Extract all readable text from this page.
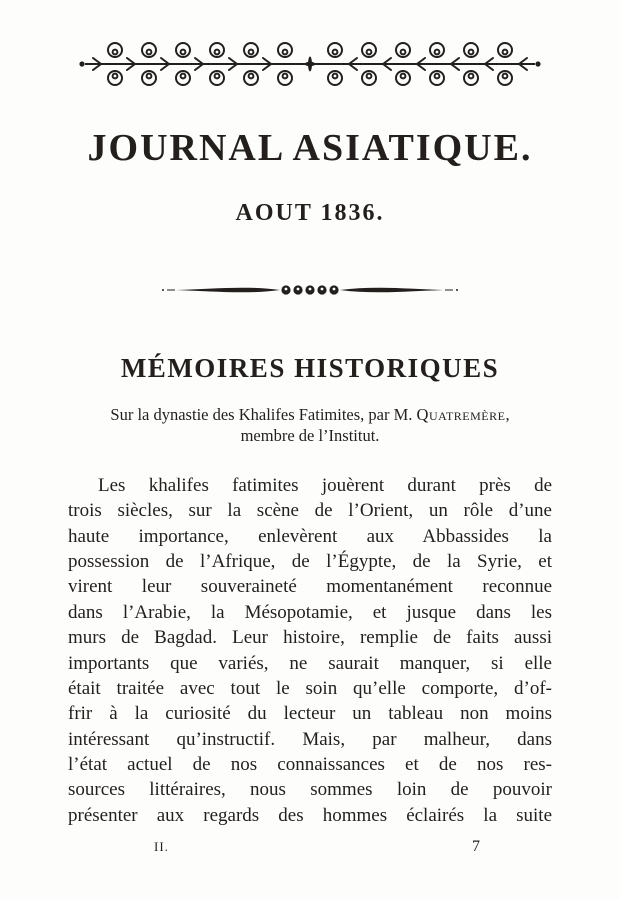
JOURNAL ASIATIQUE.
AOUT 1836.
MÉMOIRES HISTORIQUES
Sur la dynastie des Khalifes Fatimites, par M. Quatremère,
membre de l’Institut.
Les khalifes fatimites jouèrent durant près de
trois siècles, sur la scène de l’Orient, un rôle d’une
haute importance, enlevèrent aux Abbassides la
possession de l’Afrique, de l’Égypte, de la Syrie, et
virent leur souveraineté momentanément reconnue
dans l’Arabie, la Mésopotamie, et jusque dans les
murs de Bagdad. Leur histoire, remplie de faits aussi
importants que variés, ne saurait manquer, si elle
était traitée avec tout le soin qu’elle comporte, d’of-
frir à la curiosité du lecteur un tableau non moins
intéressant qu’instructif. Mais, par malheur, dans
l’état actuel de nos connaissances et de nos res-
sources littéraires, nous sommes loin de pouvoir
présenter aux regards des hommes éclairés la suite
II.	7
